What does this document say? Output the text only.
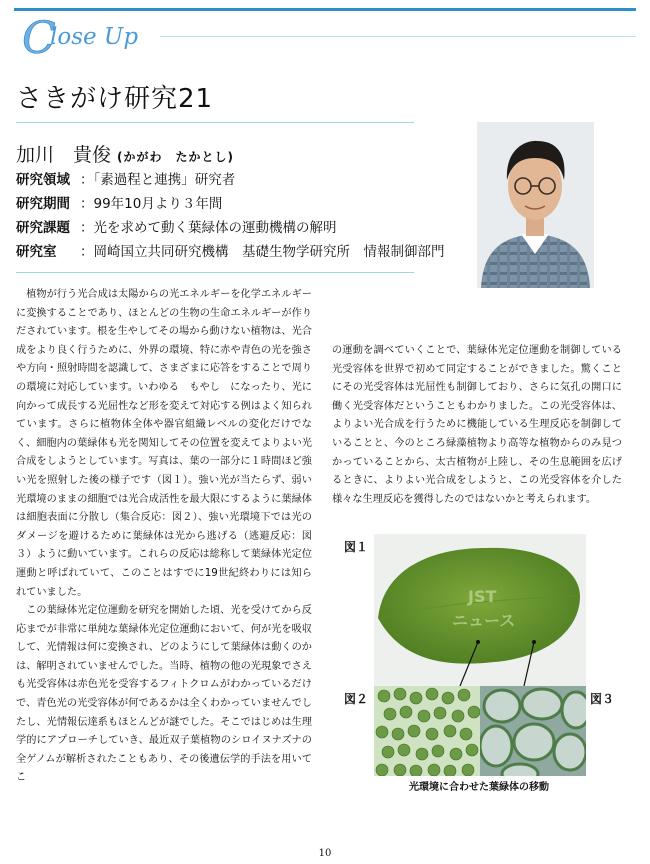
C
lose Up
さきがけ研究21
加川　貴俊 (かがわ　たかとし)
研究領域 ：「素過程と連携」研究者
研究期間 ：99年10月より３年間
研究課題 ：光を求めて動く葉緑体の運動機構の解明
研究室 ：岡崎国立共同研究機構　基礎生物学研究所　情報制御部門

植物が行う光合成は太陽からの光エネルギーを化学エネルギーに変換することであり、ほとんどの生物の生命エネルギーが作りだされています。根を生やしてその場から動けない植物は、光合成をより良く行うために、外界の環境、特に赤や青色の光を強さや方向・照射時間を認識して、さまざまに応答をすることで周りの環境に対応しています。いわゆる　もやし　になったり、光に向かって成長する光屈性など形を変えて対応する例はよく知られています。さらに植物体全体や器官組織レベルの変化だけでなく、細胞内の葉緑体も光を関知してその位置を変えてよりよい光合成をしようとしています。写真は、葉の一部分に１時間ほど強い光を照射した後の様子です（図１）。強い光が当たらず、弱い光環境のままの細胞では光合成活性を最大限にするように葉緑体は細胞表面に分散し（集合反応：図２）、強い光環境下では光のダメージを避けるために葉緑体は光から逃げる（逃避反応：図３）ように動いています。これらの反応は総称して葉緑体光定位運動と呼ばれていて、このことはすでに19世紀終わりには知られていました。

この葉緑体光定位運動を研究を開始した頃、光を受けてから反応までが非常に単純な葉緑体光定位運動において、何が光を吸収して、光情報は何に変換され、どのようにして葉緑体は動くのかは、解明されていませんでした。当時、植物の他の光現象でさえも光受容体は赤色光を受容するフィトクロムがわかっているだけで、青色光の光受容体が何であるかは全くわかっていませんでしたし、光情報伝達系もほとんどが謎でした。そこではじめは生理学的にアプローチしていき、最近双子葉植物のシロイヌナズナの全ゲノムが解析されたこともあり、その後遺伝学的手法を用いてこ

の運動を調べていくことで、葉緑体光定位運動を制御している光受容体を世界で初めて同定することができました。驚くことにその光受容体は光屈性も制御しており、さらに気孔の開口に働く光受容体だということもわかりました。この光受容体は、よりよい光合成を行うために機能している生理反応を制御していることと、今のところ緑藻植物より高等な植物からのみ見つかっていることから、太古植物が上陸し、その生息範囲を広げるときに、よりよい光合成をしようと、この光受容体を介した様々な生理反応を獲得したのではないかと考えられます。

図１
JST
ニュース
図２	図３
光環境に合わせた葉緑体の移動
10
